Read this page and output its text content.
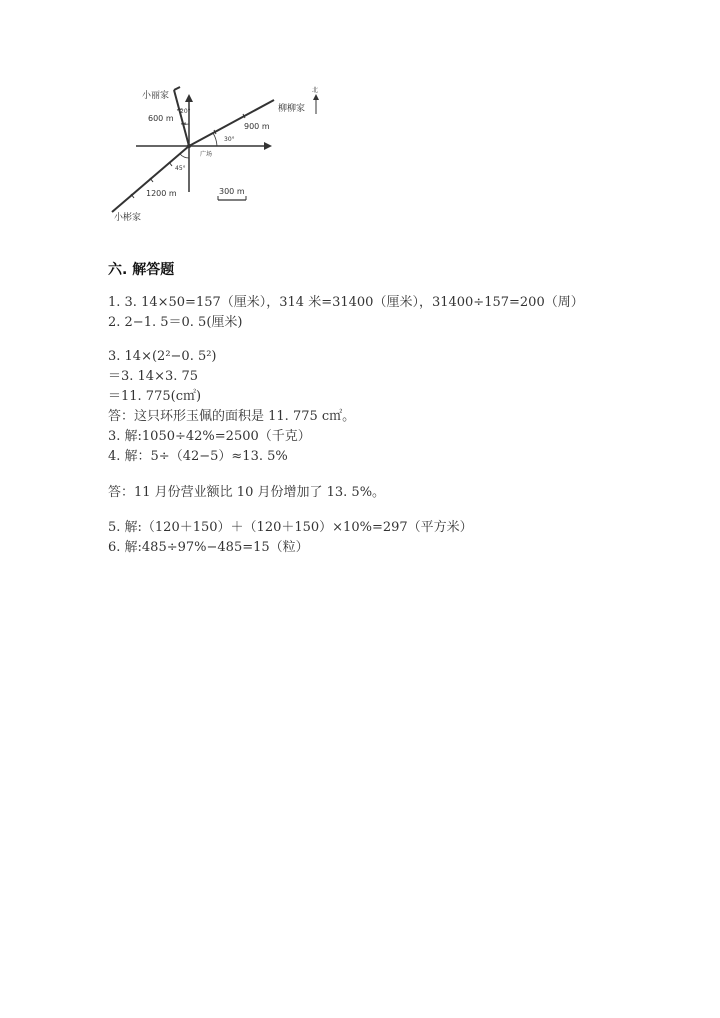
小丽家
600 m
20°	柳柳家
900 m
30°
广场
45°
1200 m
小彬家
300 m
北
六. 解答题
1. 3. 14×50=157（厘米），314 米=31400（厘米），31400÷157=200（周）
2. 2−1. 5＝0. 5(厘米)
3. 14×(2²−0. 5²)
＝3. 14×3. 75
＝11. 775(c㎡)
答：这只环形玉佩的面积是 11. 775 c㎡。
3. 解:1050÷42%=2500（千克）
4. 解：5÷（42−5）≈13. 5%
答：11 月份营业额比 10 月份增加了 13. 5%。
5. 解:（120＋150）＋（120＋150）×10%=297（平方米）
6. 解:485÷97%−485=15（粒）
